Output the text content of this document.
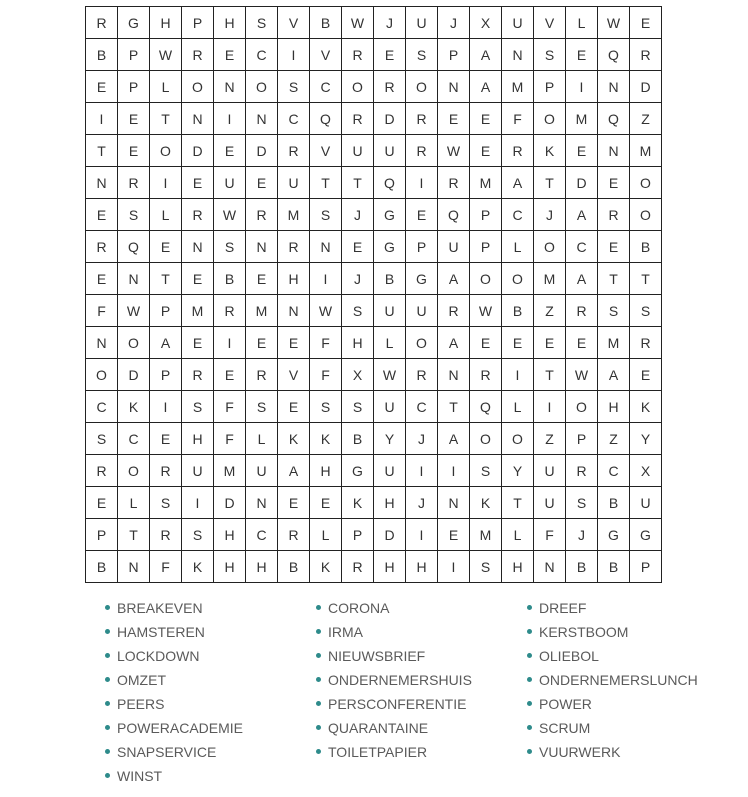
R	G	H	P	H	S	V	B	W	J	U	J	X	U	V	L	W	E
B	P	W	R	E	C	I	V	R	E	S	P	A	N	S	E	Q	R
E	P	L	O	N	O	S	C	O	R	O	N	A	M	P	I	N	D
I	E	T	N	I	N	C	Q	R	D	R	E	E	F	O	M	Q	Z
T	E	O	D	E	D	R	V	U	U	R	W	E	R	K	E	N	M
N	R	I	E	U	E	U	T	T	Q	I	R	M	A	T	D	E	O
E	S	L	R	W	R	M	S	J	G	E	Q	P	C	J	A	R	O
R	Q	E	N	S	N	R	N	E	G	P	U	P	L	O	C	E	B
E	N	T	E	B	E	H	I	J	B	G	A	O	O	M	A	T	T
F	W	P	M	R	M	N	W	S	U	U	R	W	B	Z	R	S	S
N	O	A	E	I	E	E	F	H	L	O	A	E	E	E	E	M	R
O	D	P	R	E	R	V	F	X	W	R	N	R	I	T	W	A	E
C	K	I	S	F	S	E	S	S	U	C	T	Q	L	I	O	H	K
S	C	E	H	F	L	K	K	B	Y	J	A	O	O	Z	P	Z	Y
R	O	R	U	M	U	A	H	G	U	I	I	S	Y	U	R	C	X
E	L	S	I	D	N	E	E	K	H	J	N	K	T	U	S	B	U
P	T	R	S	H	C	R	L	P	D	I	E	M	L	F	J	G	G
B	N	F	K	H	H	B	K	R	H	H	I	S	H	N	B	B	P
BREAKEVEN
HAMSTEREN
LOCKDOWN
OMZET
PEERS
POWERACADEMIE
SNAPSERVICE
WINST
CORONA
IRMA
NIEUWSBRIEF
ONDERNEMERSHUIS
PERSCONFERENTIE
QUARANTAINE
TOILETPAPIER
DREEF
KERSTBOOM
OLIEBOL
ONDERNEMERSLUNCH
POWER
SCRUM
VUURWERK
